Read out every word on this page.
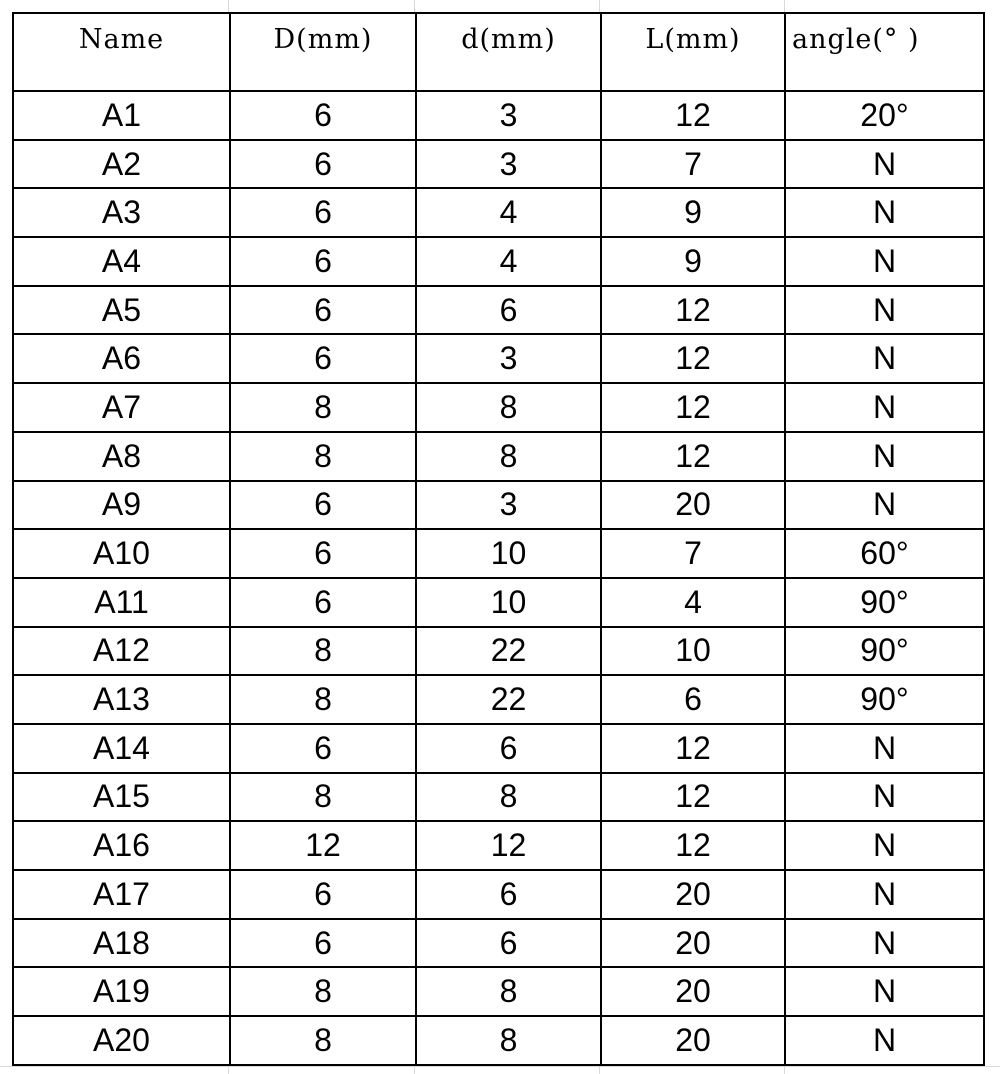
Name	D(mm)	d(mm)	L(mm)	angle(° )
A1	6	3	12	20°
A2	6	3	7	N
A3	6	4	9	N
A4	6	4	9	N
A5	6	6	12	N
A6	6	3	12	N
A7	8	8	12	N
A8	8	8	12	N
A9	6	3	20	N
A10	6	10	7	60°
A11	6	10	4	90°
A12	8	22	10	90°
A13	8	22	6	90°
A14	6	6	12	N
A15	8	8	12	N
A16	12	12	12	N
A17	6	6	20	N
A18	6	6	20	N
A19	8	8	20	N
A20	8	8	20	N
